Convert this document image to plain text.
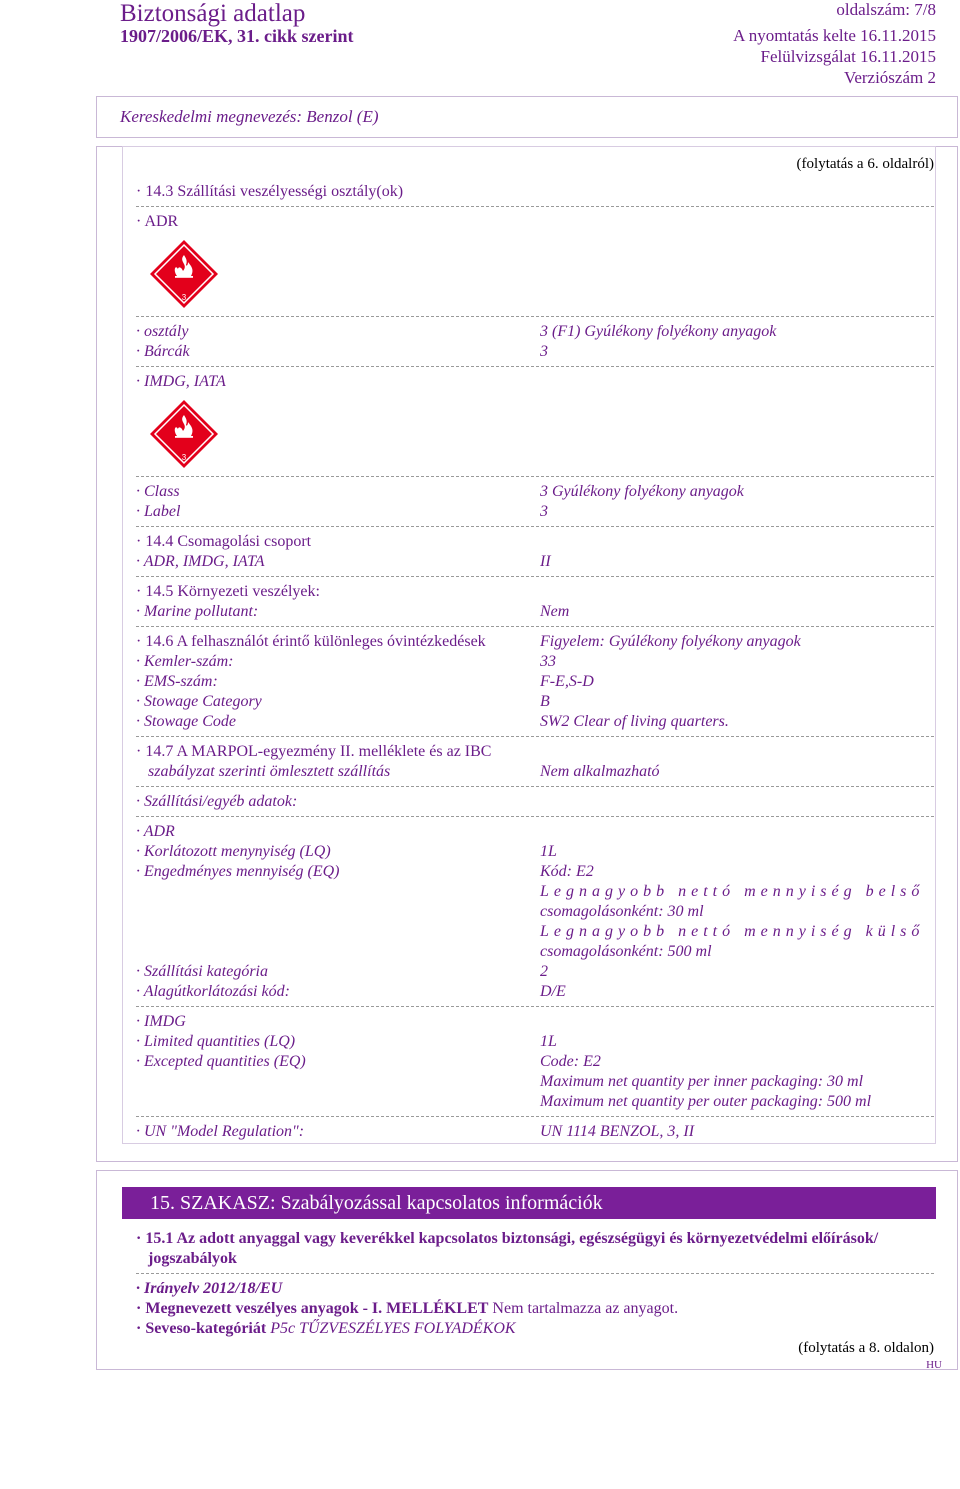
Biztonsági adatlap
1907/2006/EK, 31. cikk szerint
oldalszám: 7/8
A nyomtatás kelte 16.11.2015
Felülvizsgálat 16.11.2015
Verziószám 2
Kereskedelmi megnevezés: Benzol (E)
(folytatás a 6. oldalról)
· 14.3 Szállítási veszélyességi osztály(ok)
· ADR
3
· osztály	3 (F1) Gyúlékony folyékony anyagok
· Bárcák	3
· IMDG, IATA
3
· Class	3 Gyúlékony folyékony anyagok
· Label	3
· 14.4 Csomagolási csoport
· ADR, IMDG, IATA	II
· 14.5 Környezeti veszélyek:
· Marine pollutant:	Nem
· 14.6 A felhasználót érintő különleges óvintézkedések	Figyelem: Gyúlékony folyékony anyagok
· Kemler-szám:	33
· EMS-szám:	F-E,S-D
· Stowage Category	B
· Stowage Code	SW2 Clear of living quarters.
· 14.7 A MARPOL-egyezmény II. melléklete és az IBC
szabályzat szerinti ömlesztett szállítás	Nem alkalmazható
· Szállítási/egyéb adatok:
· ADR
· Korlátozott menynyiség (LQ)	1L
· Engedményes mennyiség (EQ)	Kód: E2
Legnagyobb nettó mennyiség belső
csomagolásonként: 30 ml
Legnagyobb nettó mennyiség külső
csomagolásonként: 500 ml
· Szállítási kategória	2
· Alagútkorlátozási kód:	D/E
· IMDG
· Limited quantities (LQ)	1L
· Excepted quantities (EQ)	Code: E2
Maximum net quantity per inner packaging: 30 ml
Maximum net quantity per outer packaging: 500 ml
· UN "Model Regulation":	UN 1114 BENZOL, 3, II
15. SZAKASZ: Szabályozással kapcsolatos információk
· 15.1 Az adott anyaggal vagy keverékkel kapcsolatos biztonsági, egészségügyi és környezetvédelmi előírások/
jogszabályok
· Irányelv 2012/18/EU
· Megnevezett veszélyes anyagok - I. MELLÉKLET Nem tartalmazza az anyagot.
· Seveso-kategóriát P5c TŰZVESZÉLYES FOLYADÉKOK
(folytatás a 8. oldalon)
HU
